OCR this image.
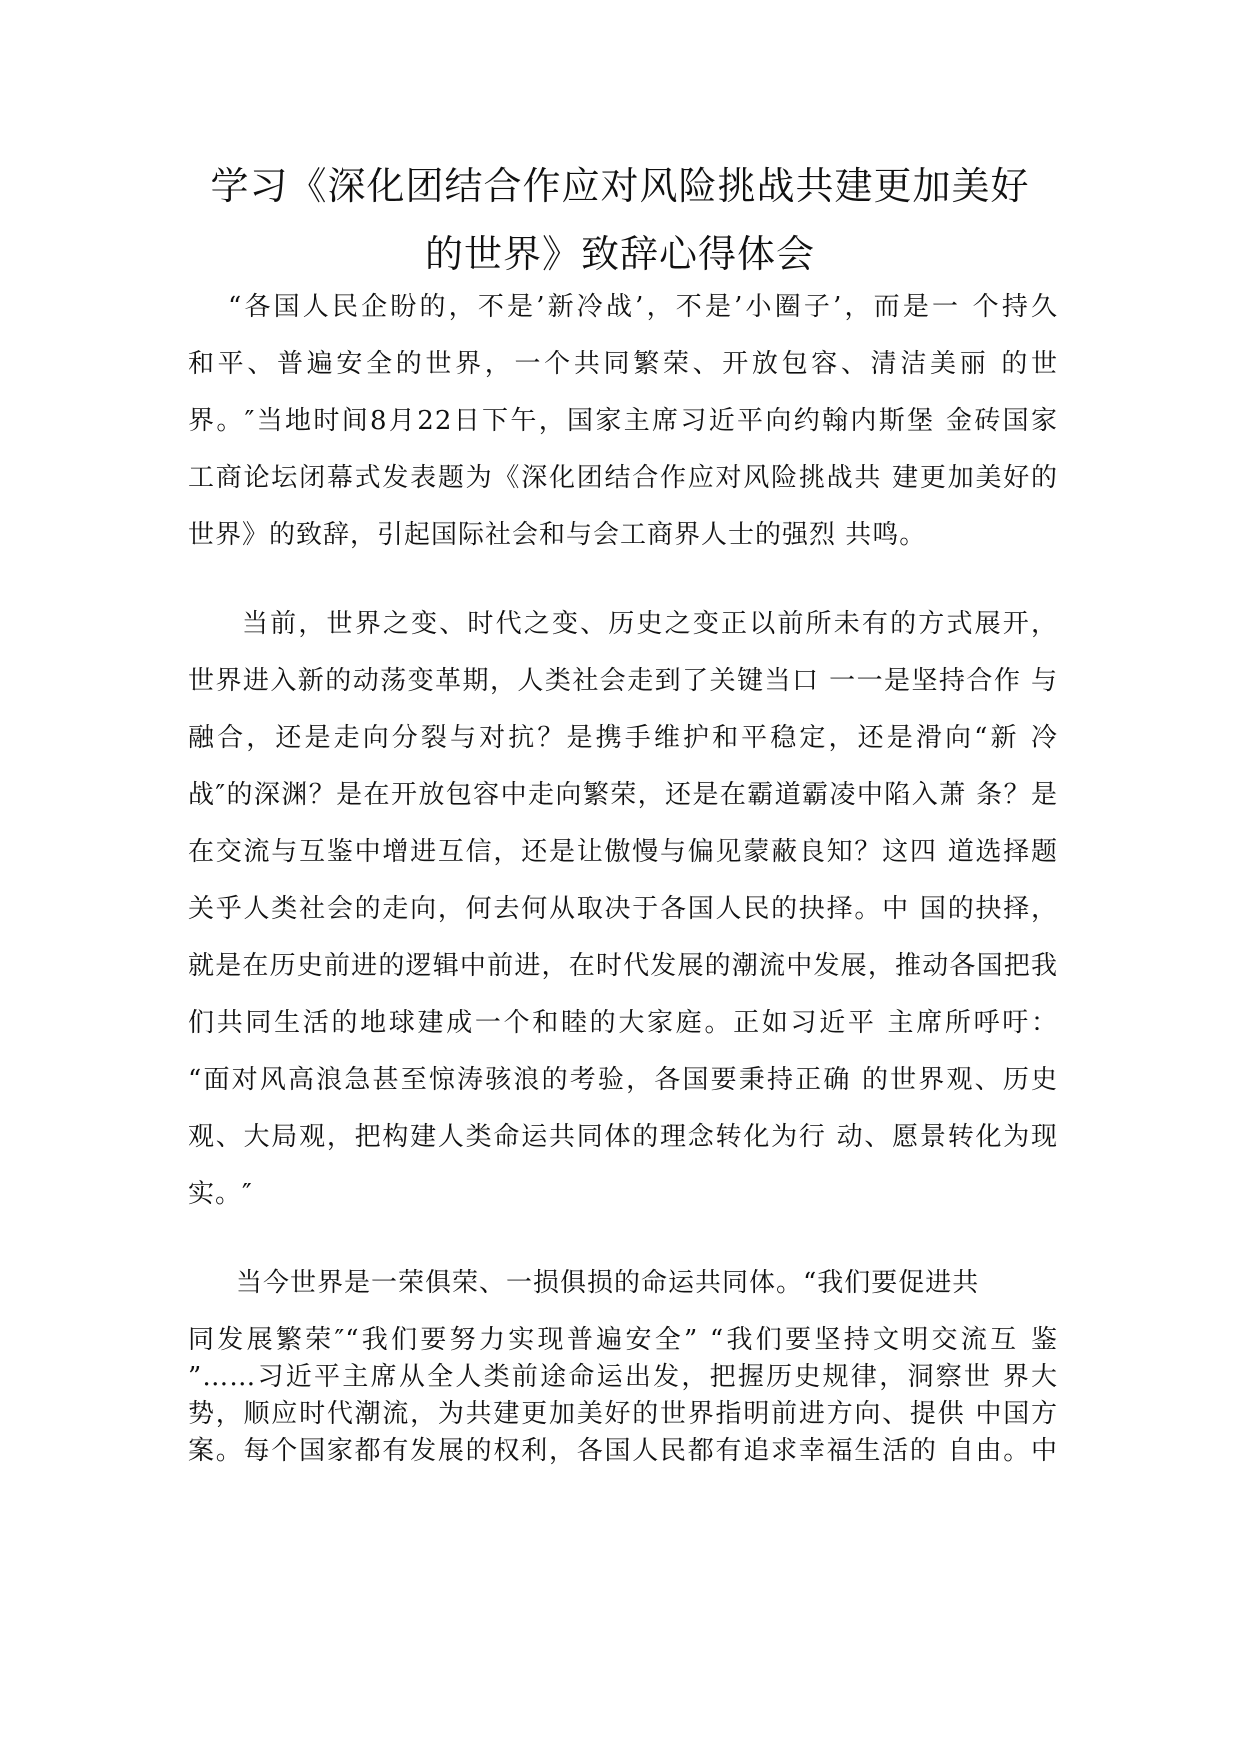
学习《深化团结合作应对风险挑战共建更加美好
的世界》致辞心得体会
“各国人民企盼的，不是’新冷战’，不是’小圈子’，而是一 个持久
和平、普遍安全的世界，一个共同繁荣、开放包容、清洁美丽 的世
界。″当地时间8月22日下午，国家主席习近平向约翰内斯堡 金砖国家
工商论坛闭幕式发表题为《深化团结合作应对风险挑战共 建更加美好的
世界》的致辞，引起国际社会和与会工商界人士的强烈 共鸣。
当前，世界之变、时代之变、历史之变正以前所未有的方式展开，
世界进入新的动荡变革期，人类社会走到了关键当口 一一是坚持合作 与
融合，还是走向分裂与对抗？是携手维护和平稳定，还是滑向“新 冷
战″的深渊？是在开放包容中走向繁荣，还是在霸道霸凌中陷入萧 条？是
在交流与互鉴中增进互信，还是让傲慢与偏见蒙蔽良知？这四 道选择题
关乎人类社会的走向，何去何从取决于各国人民的抉择。中 国的抉择，
就是在历史前进的逻辑中前进，在时代发展的潮流中发展，推动各国把我
们共同生活的地球建成一个和睦的大家庭。正如习近平 主席所呼吁：
“面对风高浪急甚至惊涛骇浪的考验，各国要秉持正确 的世界观、历史
观、大局观，把构建人类命运共同体的理念转化为行 动、愿景转化为现
实。″
当今世界是一荣俱荣、一损俱损的命运共同体。“我们要促进共
同发展繁荣″“我们要努力实现普遍安全” “我们要坚持文明交流互 鉴
”……习近平主席从全人类前途命运出发，把握历史规律，洞察世 界大
势，顺应时代潮流，为共建更加美好的世界指明前进方向、提供 中国方
案。每个国家都有发展的权利，各国人民都有追求幸福生活的 自由。中
